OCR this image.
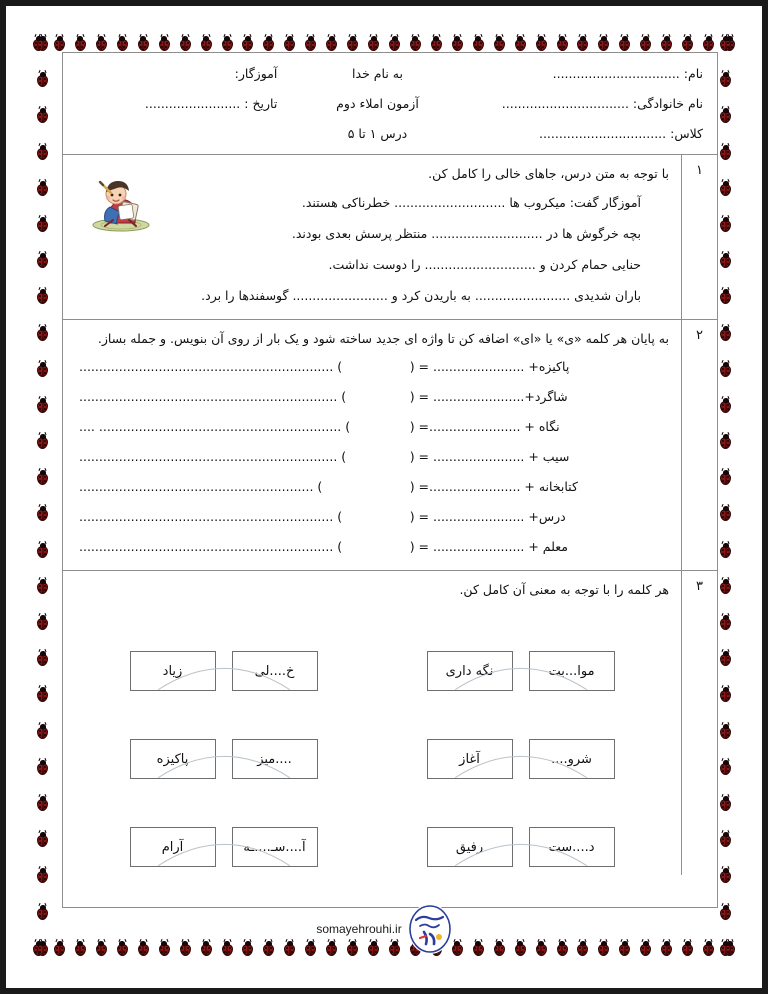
نام: ................................
نام خانوادگی: ................................
کلاس: ................................
به نام خدا
آزمون املاء دوم
درس ۱ تا ۵
آموزگار:
تاریخ : ........................
۱
با توجه به متن درس، جاهای خالی را کامل کن.
آموزگار گفت: میکروب ها ............................ خطرناکی هستند.
بچه خرگوش ها در ............................ منتظر پرسش بعدی بودند.
حنایی حمام کردن و ............................ را دوست نداشت.
باران شدیدی ........................ به باریدن کرد و ........................ گوسفندها را برد.
۲
به پایان هر کلمه «ی» یا «ای» اضافه کن تا واژه ای جدید ساخته شود و یک بار از روی آن بنویس. و جمله بساز.
پاکیزه+ ....................... = (
) ................................................................
شاگرد+....................... = (
) .................................................................
نگاه + .......................= (
) ............................................................. ....
سیب + ....................... = (
) .................................................................
کتابخانه + .......................= (
) ...........................................................
درس+ ....................... = (
) ................................................................
معلم + ....................... = (
) ................................................................
۳
هر کلمه را با توجه به معنی آن کامل کن.
موا...بت
نگه داری
خ....لی
زیاد
شرو....
آغاز
....میز
پاکیزه
د....ست
رفیق
آ....سـ....ـه
آرام
somayehrouhi.ir
